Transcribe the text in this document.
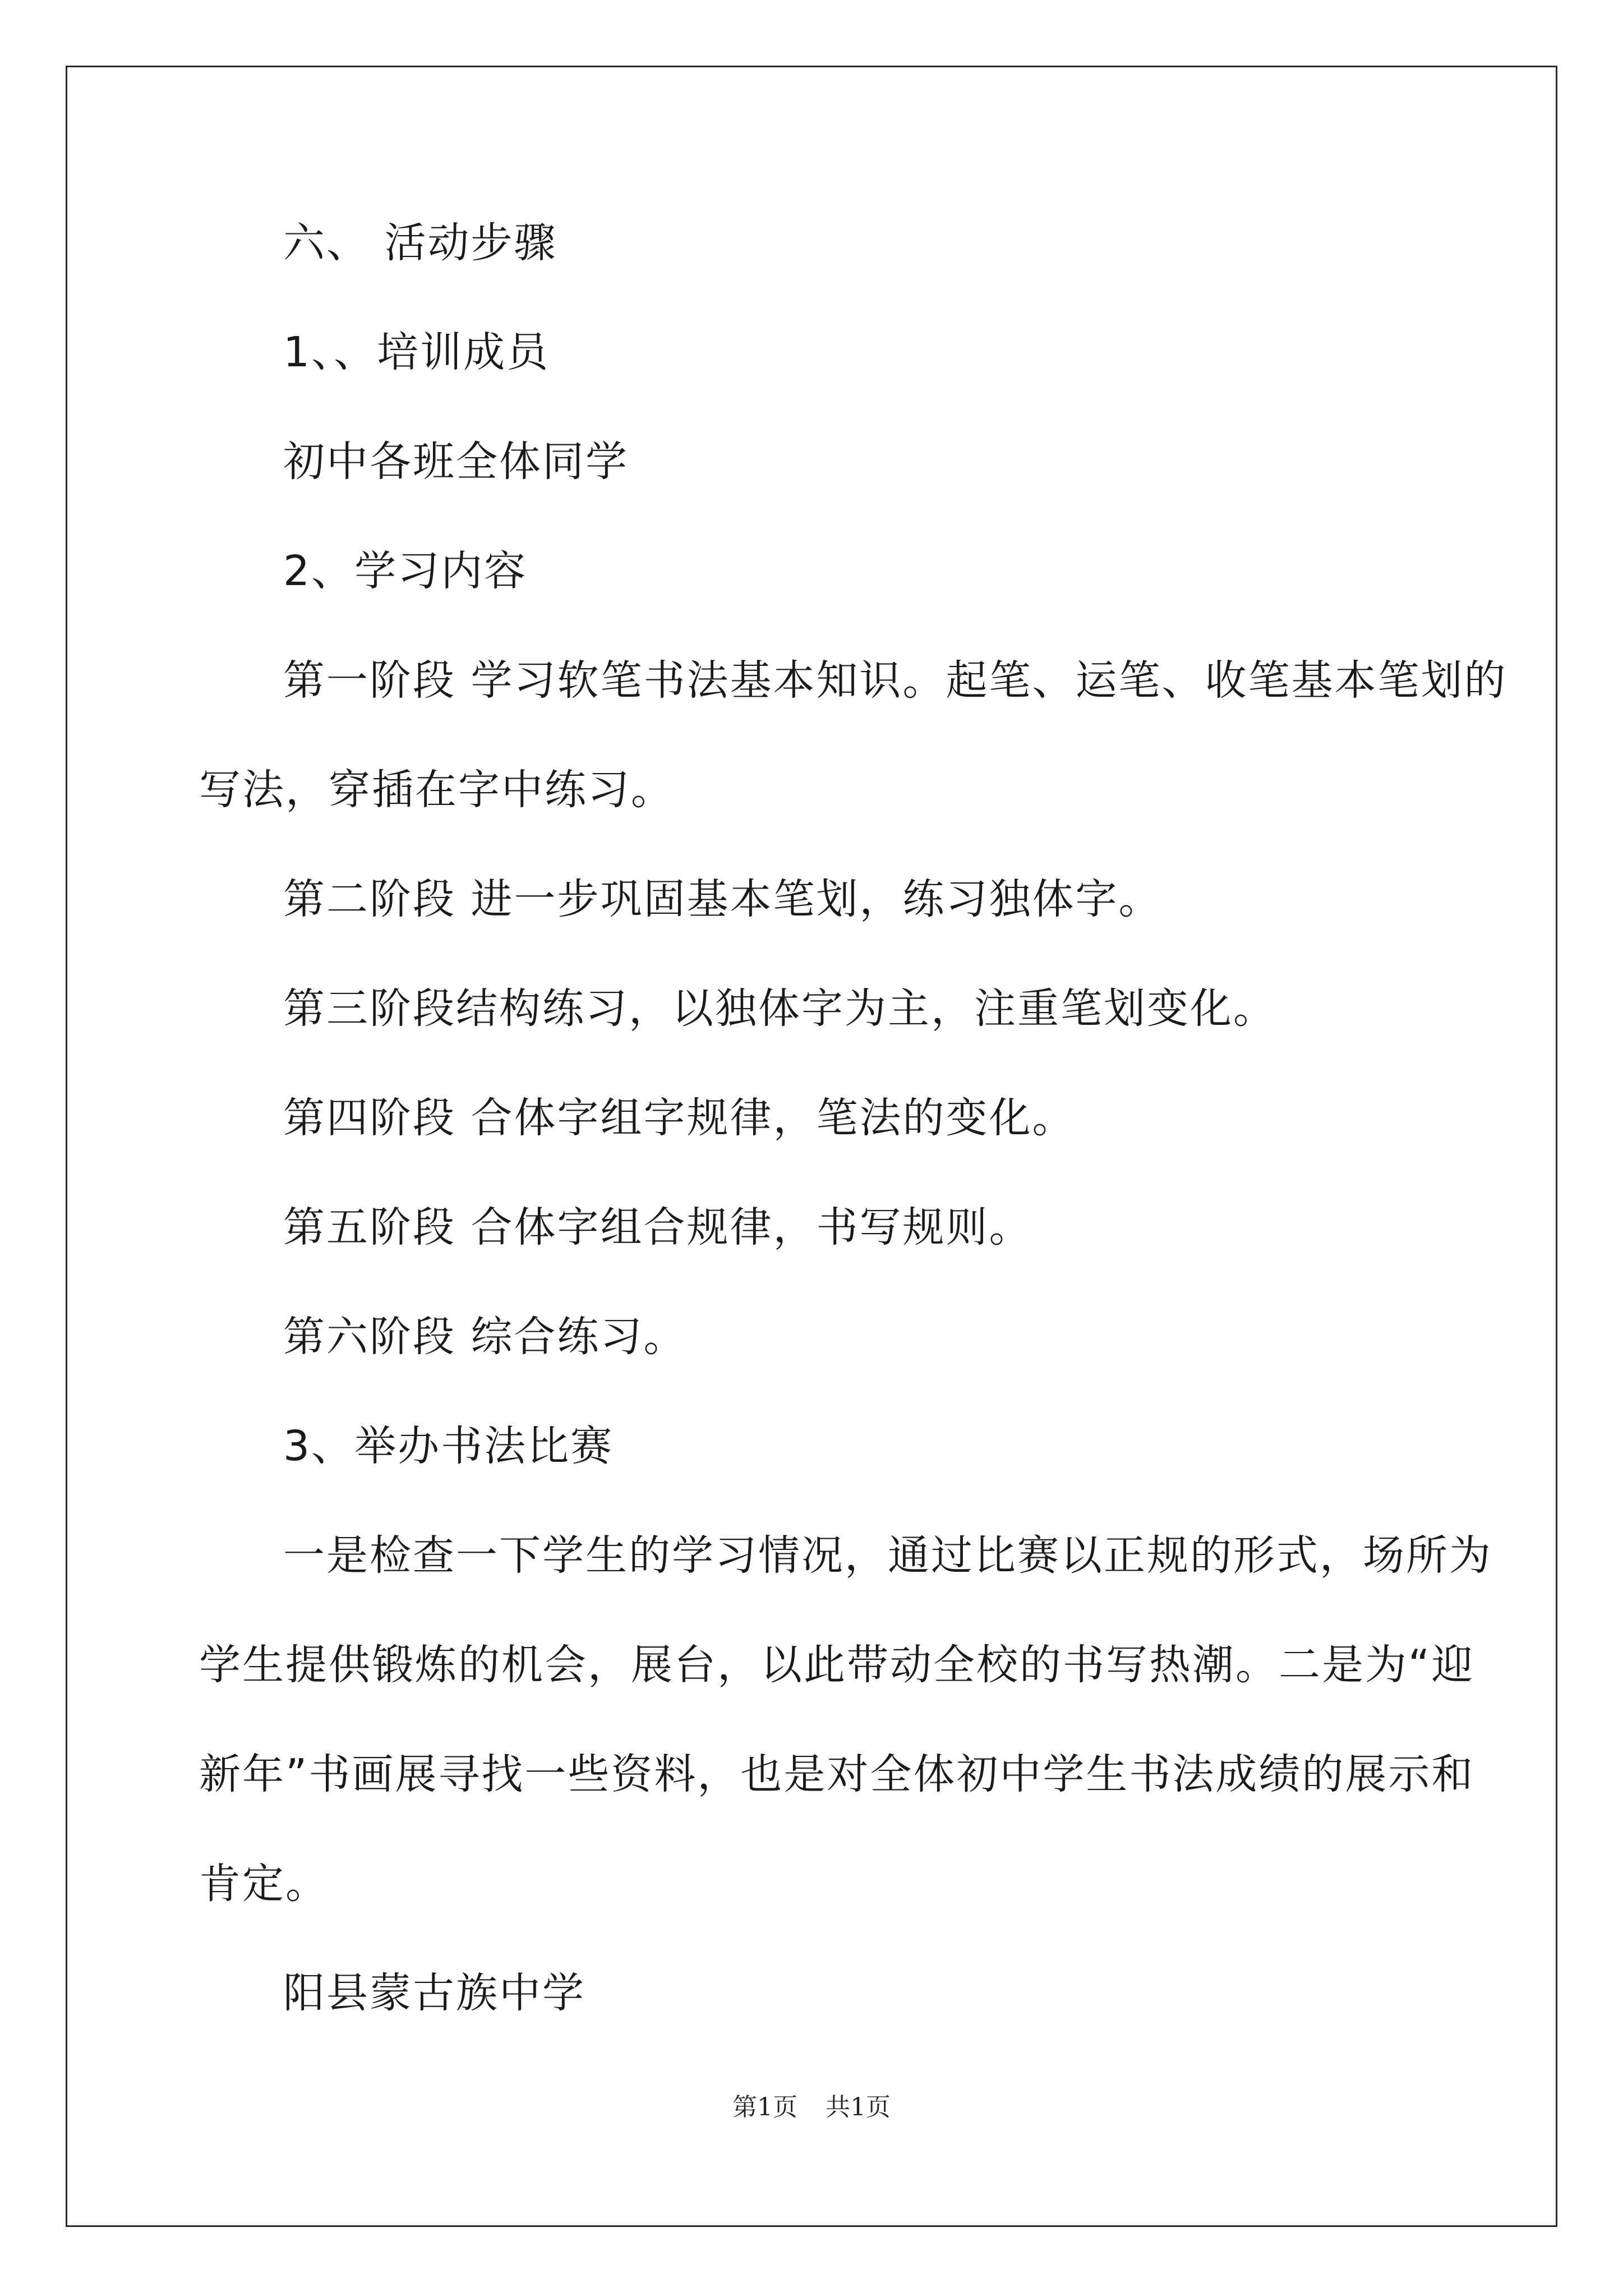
六、 活动步骤
1、、培训成员
初中各班全体同学
2、学习内容
第一阶段 学习软笔书法基本知识。起笔、运笔、收笔基本笔划的
写法，穿插在字中练习。
第二阶段 进一步巩固基本笔划，练习独体字。
第三阶段结构练习，以独体字为主，注重笔划变化。
第四阶段 合体字组字规律，笔法的变化。
第五阶段 合体字组合规律，书写规则。
第六阶段 综合练习。
3、举办书法比赛
一是检查一下学生的学习情况，通过比赛以正规的形式，场所为
学生提供锻炼的机会，展台，以此带动全校的书写热潮。二是为“迎
新年”书画展寻找一些资料，也是对全体初中学生书法成绩的展示和
肯定。
阳县蒙古族中学
第1页 共1页
